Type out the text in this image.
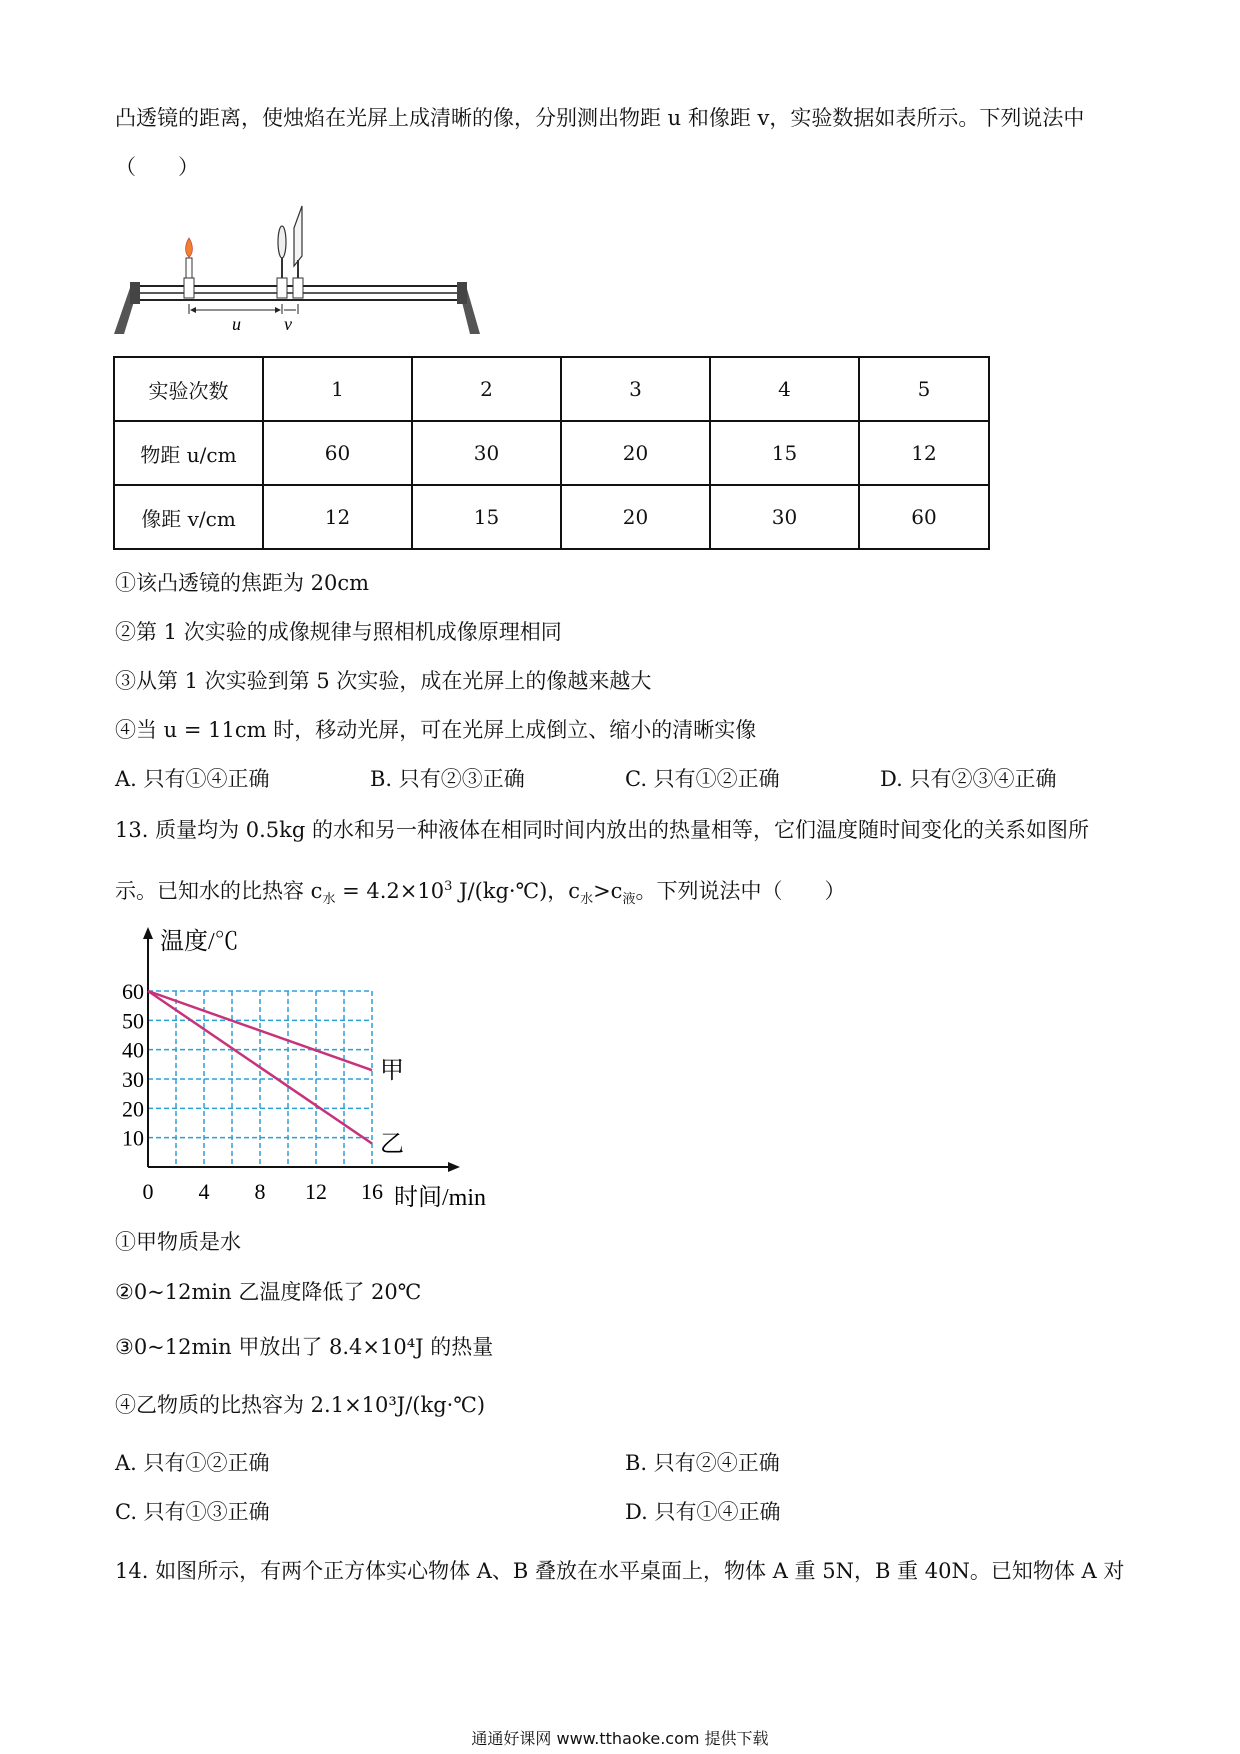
凸透镜的距离，使烛焰在光屏上成清晰的像，分别测出物距 u 和像距 v，实验数据如表所示。下列说法中
（　　）
u v
实验次数	1	2	3	4	5
物距 u/cm	60	30	20	15	12
像距 v/cm	12	15	20	30	60
①该凸透镜的焦距为 20cm
②第 1 次实验的成像规律与照相机成像原理相同
③从第 1 次实验到第 5 次实验，成在光屏上的像越来越大
④当 u = 11cm 时，移动光屏，可在光屏上成倒立、缩小的清晰实像
A. 只有①④正确	B. 只有②③正确	C. 只有①②正确	D. 只有②③④正确
13. 质量均为 0.5kg 的水和另一种液体在相同时间内放出的热量相等，它们温度随时间变化的关系如图所
示。已知水的比热容 $c_水 = 4.2\times 10^3$ J/(kg·℃)，$c_水>c_液$。下列说法中（　　）
10
20
30
40
50
60
0 4 8 12 16
温度/℃
时间/min
甲
乙
①甲物质是水
②0~12min 乙温度降低了 20℃
③0~12min 甲放出了 8.4×10⁴J 的热量
④乙物质的比热容为 2.1×10³J/(kg·℃)
A. 只有①②正确	B. 只有②④正确
C. 只有①③正确	D. 只有①④正确
14. 如图所示，有两个正方体实心物体 A、B 叠放在水平桌面上，物体 A 重 5N，B 重 40N。已知物体 A 对
通通好课网 www.tthaoke.com 提供下载
